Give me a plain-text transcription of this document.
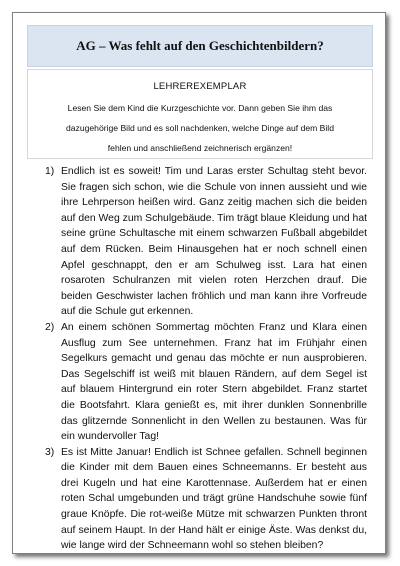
AG – Was fehlt auf den Geschichtenbildern?
LEHREREXEMPLAR
Lesen Sie dem Kind die Kurzgeschichte vor. Dann geben Sie ihm das
dazugehörige Bild und es soll nachdenken, welche Dinge auf dem Bild
fehlen und anschließend zeichnerisch ergänzen!
1) Endlich ist es soweit! Tim und Laras erster Schultag steht bevor. Sie fragen sich schon, wie die Schule von innen aussieht und wie ihre Lehrperson heißen wird. Ganz zeitig machen sich die beiden auf den Weg zum Schulgebäude. Tim trägt blaue Kleidung und hat seine grüne Schultasche mit einem schwarzen Fußball abgebildet auf dem Rücken. Beim Hinausgehen hat er noch schnell einen Apfel geschnappt, den er am Schulweg isst. Lara hat einen rosaroten Schulranzen mit vielen roten Herzchen drauf. Die beiden Geschwister lachen fröhlich und man kann ihre Vorfreude auf die Schule gut erkennen.
2) An einem schönen Sommertag möchten Franz und Klara einen Ausflug zum See unternehmen. Franz hat im Frühjahr einen Segelkurs gemacht und genau das möchte er nun ausprobieren. Das Segelschiff ist weiß mit blauen Rändern, auf dem Segel ist auf blauem Hintergrund ein roter Stern abgebildet. Franz startet die Bootsfahrt. Klara genießt es, mit ihrer dunklen Sonnenbrille das glitzernde Sonnenlicht in den Wellen zu bestaunen. Was für ein wundervoller Tag!
3) Es ist Mitte Januar! Endlich ist Schnee gefallen. Schnell beginnen die Kinder mit dem Bauen eines Schneemanns. Er besteht aus drei Kugeln und hat eine Karottennase. Außerdem hat er einen roten Schal umgebunden und trägt grüne Handschuhe sowie fünf graue Knöpfe. Die rot-weiße Mütze mit schwarzen Punkten thront auf seinem Haupt. In der Hand hält er einige Äste. Was denkst du, wie lange wird der Schneemann wohl so stehen bleiben?
